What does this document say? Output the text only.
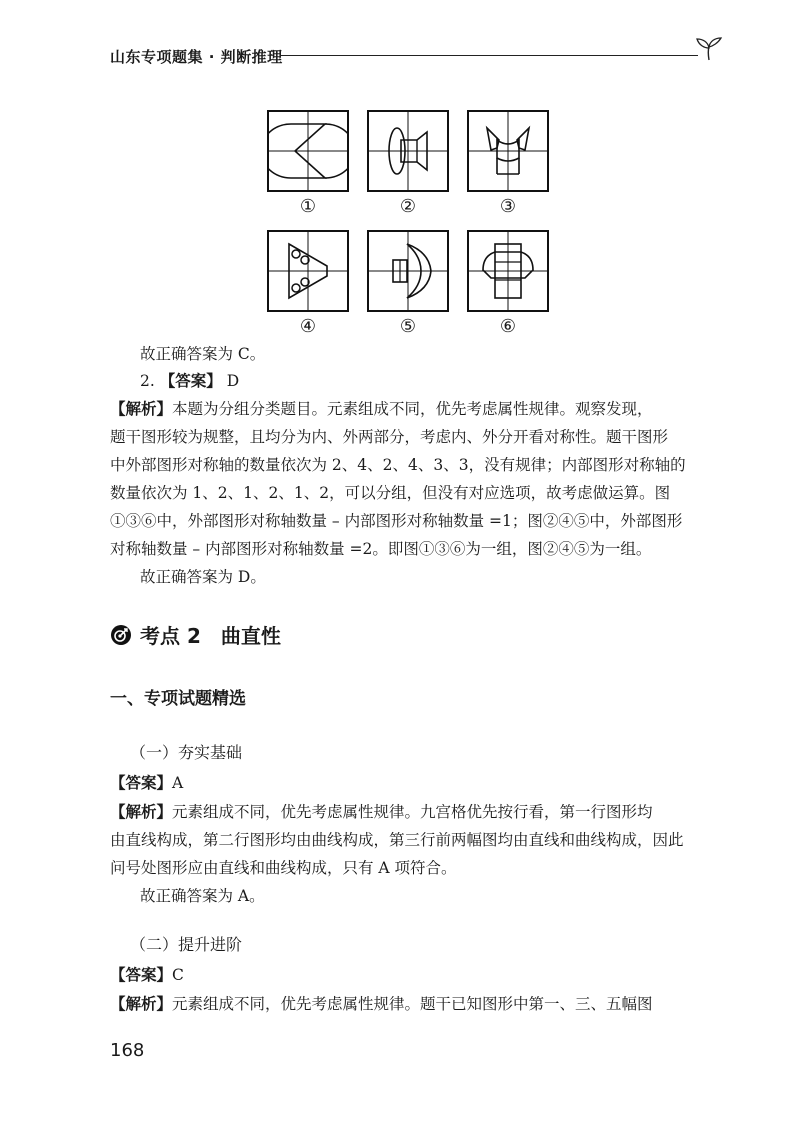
山东专项题集 · 判断推理
①	②	③
④	⑤	⑥
故正确答案为 C。
2. 【答案】 D
【解析】本题为分组分类题目。元素组成不同，优先考虑属性规律。观察发现，
题干图形较为规整，且均分为内、外两部分，考虑内、外分开看对称性。题干图形
中外部图形对称轴的数量依次为 2、4、2、4、3、3，没有规律；内部图形对称轴的
数量依次为 1、2、1、2、1、2，可以分组，但没有对应选项，故考虑做运算。图
①③⑥中，外部图形对称轴数量 – 内部图形对称轴数量 =1；图②④⑤中，外部图形
对称轴数量 – 内部图形对称轴数量 =2。即图①③⑥为一组，图②④⑤为一组。
故正确答案为 D。
考点 2　曲直性
一、专项试题精选
（一）夯实基础
【答案】A
【解析】元素组成不同，优先考虑属性规律。九宫格优先按行看，第一行图形均
由直线构成，第二行图形均由曲线构成，第三行前两幅图均由直线和曲线构成，因此
问号处图形应由直线和曲线构成，只有 A 项符合。
故正确答案为 A。
（二）提升进阶
【答案】C
【解析】元素组成不同，优先考虑属性规律。题干已知图形中第一、三、五幅图
168
